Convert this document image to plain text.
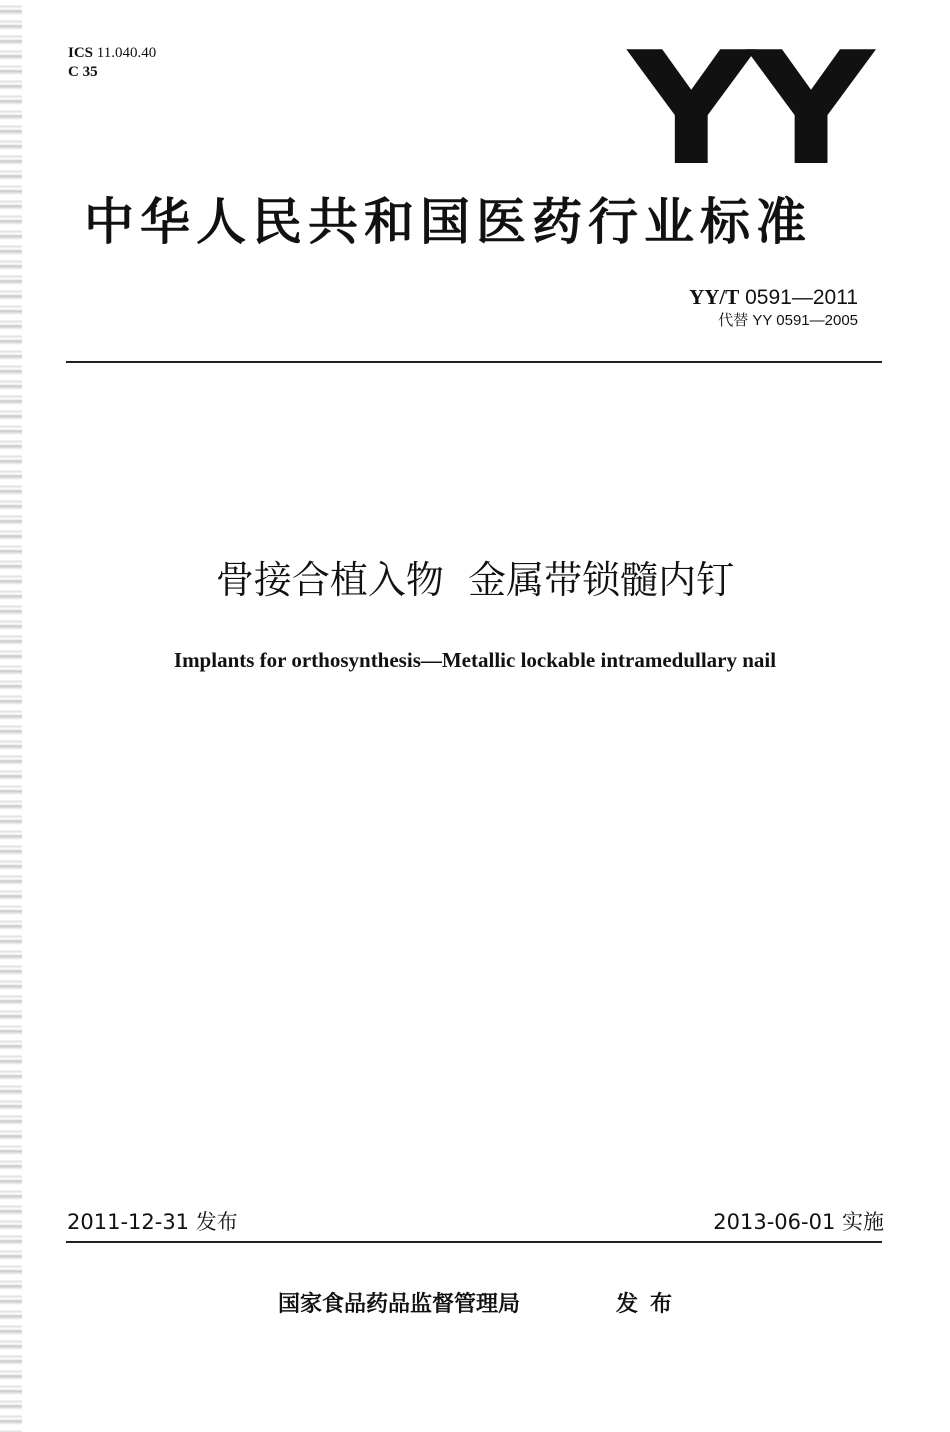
ICS 11.040.40
C 35	YY
中华人民共和国医药行业标准
YY/T 0591—2011
代替 YY 0591—2005
骨接合植入物  金属带锁髓内钉
Implants for orthosynthesis—Metallic lockable intramedullary nail
2011-12-31 发布	2013-06-01 实施
国家食品药品监督管理局	发布
